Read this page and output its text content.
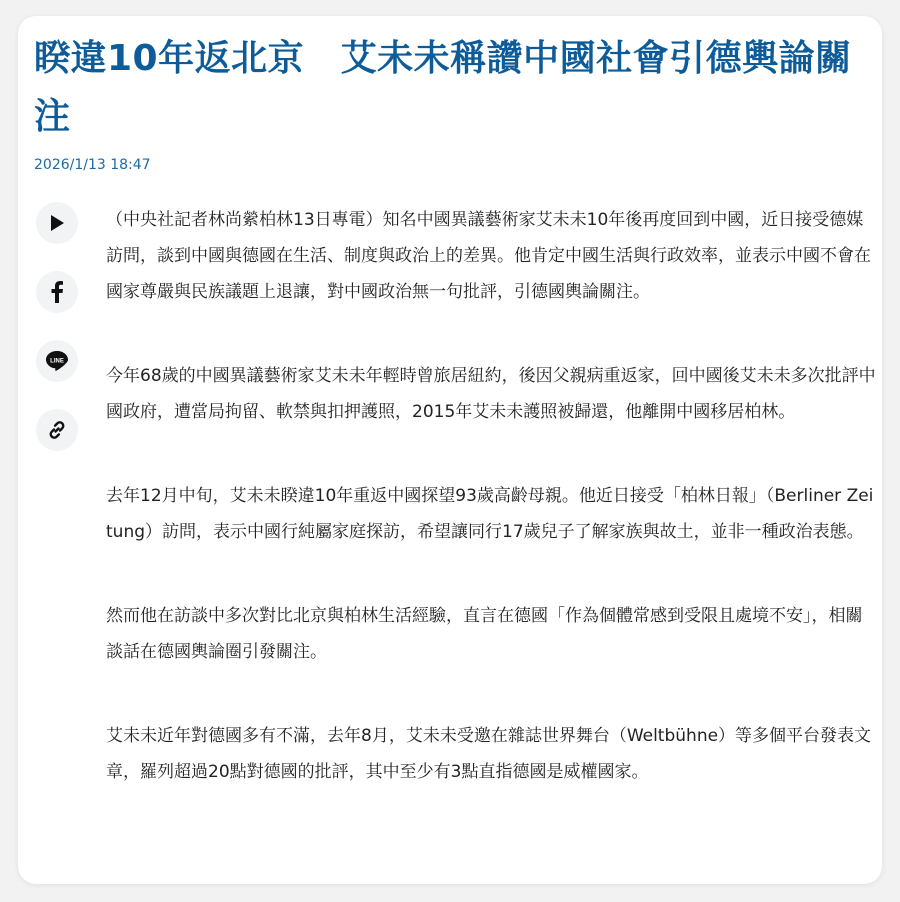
睽違10年返北京　艾未未稱讚中國社會引德輿論關注
2026/1/13 18:47
LINE

（中央社記者林尚縈柏林13日專電）知名中國異議藝術家艾未未10年後再度回到中國，近日接受德媒訪問，談到中國與德國在生活、制度與政治上的差異。他肯定中國生活與行政效率，並表示中國不會在國家尊嚴與民族議題上退讓，對中國政治無一句批評，引德國輿論關注。

今年68歲的中國異議藝術家艾未未年輕時曾旅居紐約，後因父親病重返家，回中國後艾未未多次批評中國政府，遭當局拘留、軟禁與扣押護照，2015年艾未未護照被歸還，他離開中國移居柏林。

去年12月中旬，艾未未睽違10年重返中國探望93歲高齡母親。他近日接受「柏林日報」（Berliner Zeitung）訪問，表示中國行純屬家庭探訪，希望讓同行17歲兒子了解家族與故土，並非一種政治表態。

然而他在訪談中多次對比北京與柏林生活經驗，直言在德國「作為個體常感到受限且處境不安」，相關談話在德國輿論圈引發關注。

艾未未近年對德國多有不滿，去年8月，艾未未受邀在雜誌世界舞台（Weltbühne）等多個平台發表文章，羅列超過20點對德國的批評，其中至少有3點直指德國是威權國家。
